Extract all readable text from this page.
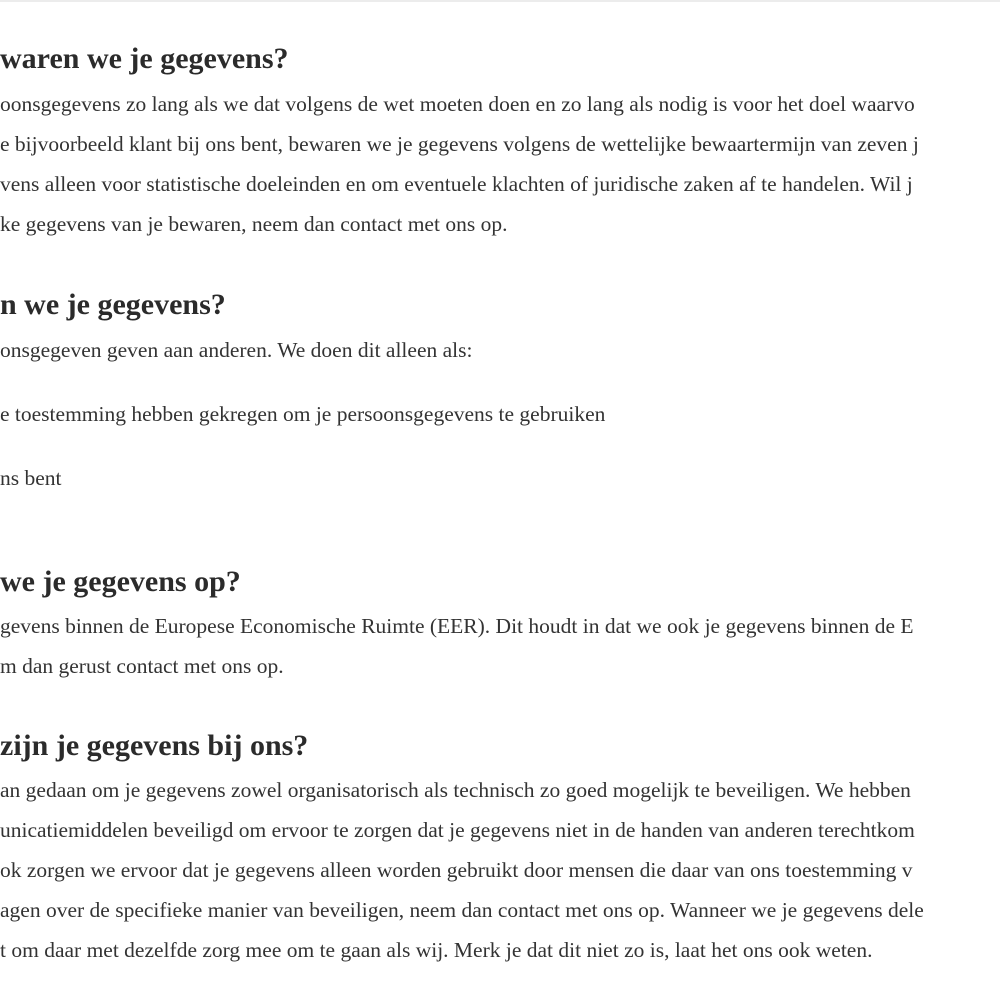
waren we je gegevens?

oonsgegevens zo lang als we dat volgens de wet moeten doen en zo lang als nodig is voor het doel waarvo

e bijvoorbeeld klant bij ons bent, bewaren we je gegevens volgens de wettelijke bewaartermijn van zeven j

vens alleen voor statistische doeleinden en om eventuele klachten of juridische zaken af te handelen. Wil j

ke gegevens van je bewaren, neem dan contact met ons op.

n we je gegevens?

onsgegeven geven aan anderen. We doen dit alleen als:

e toestemming hebben gekregen om je persoonsgegevens te gebruiken

ns bent

we je gegevens op?

gevens binnen de Europese Economische Ruimte (EER). Dit houdt in dat we ook je gegevens binnen de E

m dan gerust contact met ons op.

zijn je gegevens bij ons?

an gedaan om je gegevens zowel organisatorisch als technisch zo goed mogelijk te beveiligen. We hebben

unicatiemiddelen beveiligd om ervoor te zorgen dat je gegevens niet in de handen van anderen terechtkom

ok zorgen we ervoor dat je gegevens alleen worden gebruikt door mensen die daar van ons toestemming v

agen over de specifieke manier van beveiligen, neem dan contact met ons op. Wanneer we je gegevens dele

t om daar met dezelfde zorg mee om te gaan als wij. Merk je dat dit niet zo is, laat het ons ook weten.
